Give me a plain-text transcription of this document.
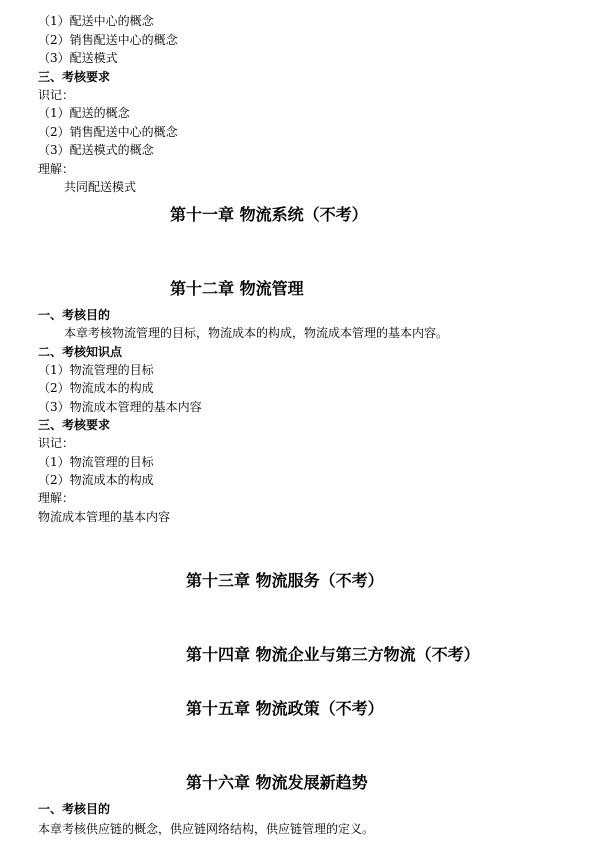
（1）配送中心的概念
（2）销售配送中心的概念
（3）配送模式
三、考核要求
识记：
（1）配送的概念
（2）销售配送中心的概念
（3）配送模式的概念
理解：
共同配送模式
第十一章 物流系统（不考）
第十二章 物流管理
一、考核目的
本章考核物流管理的目标，物流成本的构成，物流成本管理的基本内容。
二、考核知识点
（1）物流管理的目标
（2）物流成本的构成
（3）物流成本管理的基本内容
三、考核要求
识记：
（1）物流管理的目标
（2）物流成本的构成
理解：
物流成本管理的基本内容
第十三章 物流服务（不考）
第十四章 物流企业与第三方物流（不考）
第十五章 物流政策（不考）
第十六章 物流发展新趋势
一、考核目的
本章考核供应链的概念，供应链网络结构，供应链管理的定义。
